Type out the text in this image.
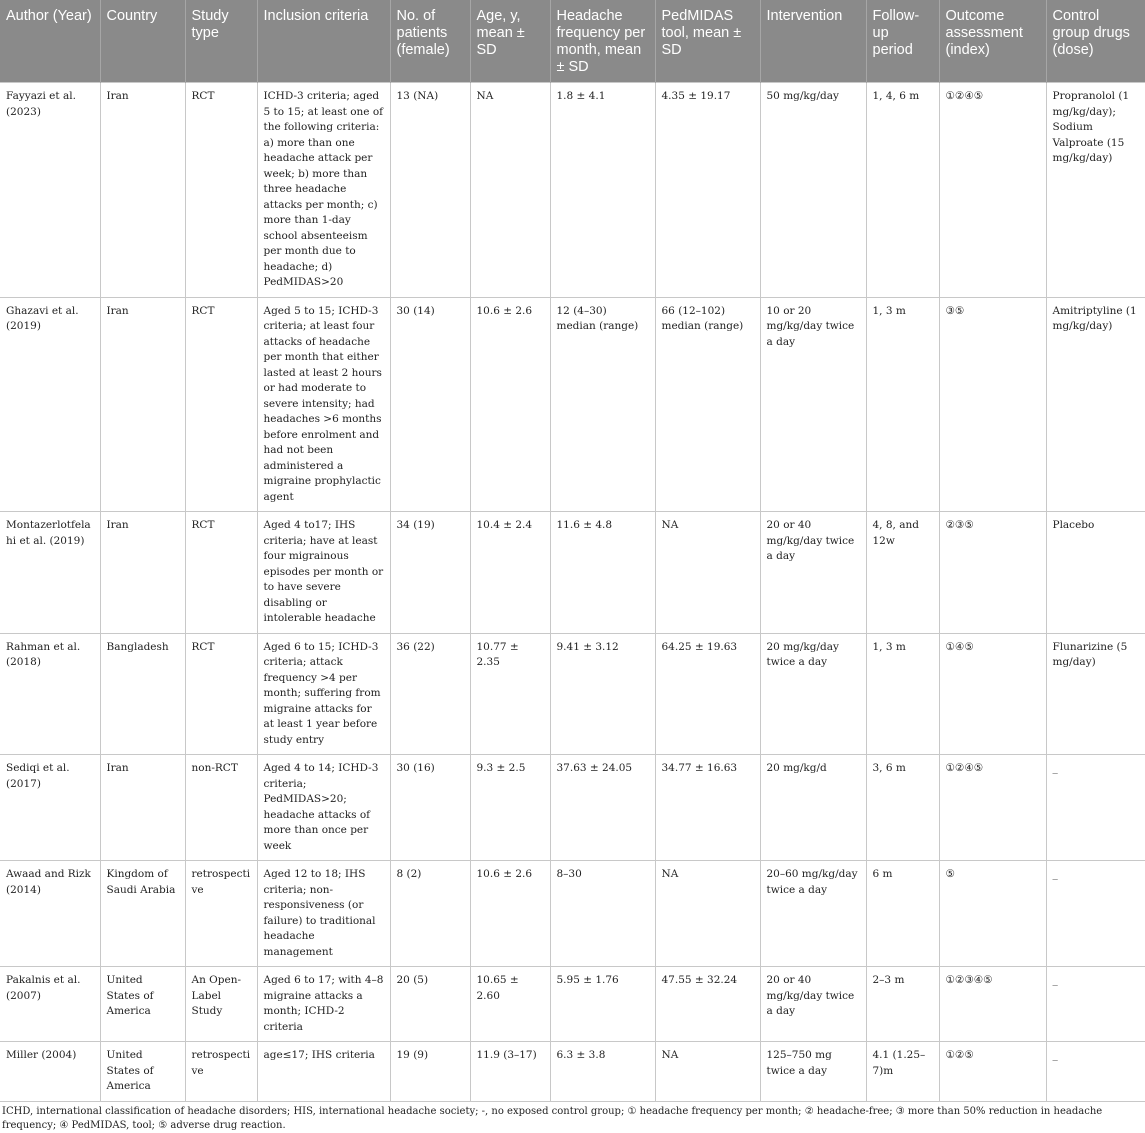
Author (Year)	Country	Study type	Inclusion criteria	No. of patients (female)	Age, y, mean ± SD	Headache frequency per month, mean ± SD	PedMIDAS tool, mean ± SD	Intervention	Follow-up period	Outcome assessment (index)	Control group drugs (dose)
Fayyazi et al. (2023)	Iran	RCT	ICHD-3 criteria; aged 5 to 15; at least one of the following criteria: a) more than one headache attack per week; b) more than three headache attacks per month; c) more than 1-day school absenteeism per month due to headache; d) PedMIDAS>20	13 (NA)	NA	1.8 ± 4.1	4.35 ± 19.17	50 mg/kg/day	1, 4, 6 m	①②④⑤	Propranolol (1 mg/kg/day); Sodium Valproate (15 mg/kg/day)
Ghazavi et al. (2019)	Iran	RCT	Aged 5 to 15; ICHD-3 criteria; at least four attacks of headache per month that either lasted at least 2 hours or had moderate to severe intensity; had headaches >6 months before enrolment and had not been administered a migraine prophylactic agent	30 (14)	10.6 ± 2.6	12 (4–30) median (range)	66 (12–102) median (range)	10 or 20 mg/kg/day twice a day	1, 3 m	③⑤	Amitriptyline (1 mg/kg/day)
Montazerlotfelahi et al. (2019)	Iran	RCT	Aged 4 to17; IHS criteria; have at least four migrainous episodes per month or to have severe disabling or intolerable headache	34 (19)	10.4 ± 2.4	11.6 ± 4.8	NA	20 or 40 mg/kg/day twice a day	4, 8, and 12w	②③⑤	Placebo
Rahman et al. (2018)	Bangladesh	RCT	Aged 6 to 15; ICHD-3 criteria; attack frequency >4 per month; suffering from migraine attacks for at least 1 year before study entry	36 (22)	10.77 ± 2.35	9.41 ± 3.12	64.25 ± 19.63	20 mg/kg/day twice a day	1, 3 m	①④⑤	Flunarizine (5 mg/day)
Sediqi et al. (2017)	Iran	non-RCT	Aged 4 to 14; ICHD-3 criteria; PedMIDAS>20; headache attacks of more than once per week	30 (16)	9.3 ± 2.5	37.63 ± 24.05	34.77 ± 16.63	20 mg/kg/d	3, 6 m	①②④⑤	_
Awaad and Rizk (2014)	Kingdom of Saudi Arabia	retrospective	Aged 12 to 18; IHS criteria; non-responsiveness (or failure) to traditional headache management	8 (2)	10.6 ± 2.6	8–30	NA	20–60 mg/kg/day twice a day	6 m	⑤	_
Pakalnis et al. (2007)	United States of America	An Open-Label Study	Aged 6 to 17; with 4–8 migraine attacks a month; ICHD-2 criteria	20 (5)	10.65 ± 2.60	5.95 ± 1.76	47.55 ± 32.24	20 or 40 mg/kg/day twice a day	2–3 m	①②③④⑤	_
Miller (2004)	United States of America	retrospective	age≤17; IHS criteria	19 (9)	11.9 (3–17)	6.3 ± 3.8	NA	125–750 mg twice a day	4.1 (1.25–7)m	①②⑤	_
ICHD, international classification of headache disorders; HIS, international headache society; -, no exposed control group; ① headache frequency per month; ② headache-free; ③ more than 50% reduction in headache frequency; ④ PedMIDAS, tool; ⑤ adverse drug reaction.
